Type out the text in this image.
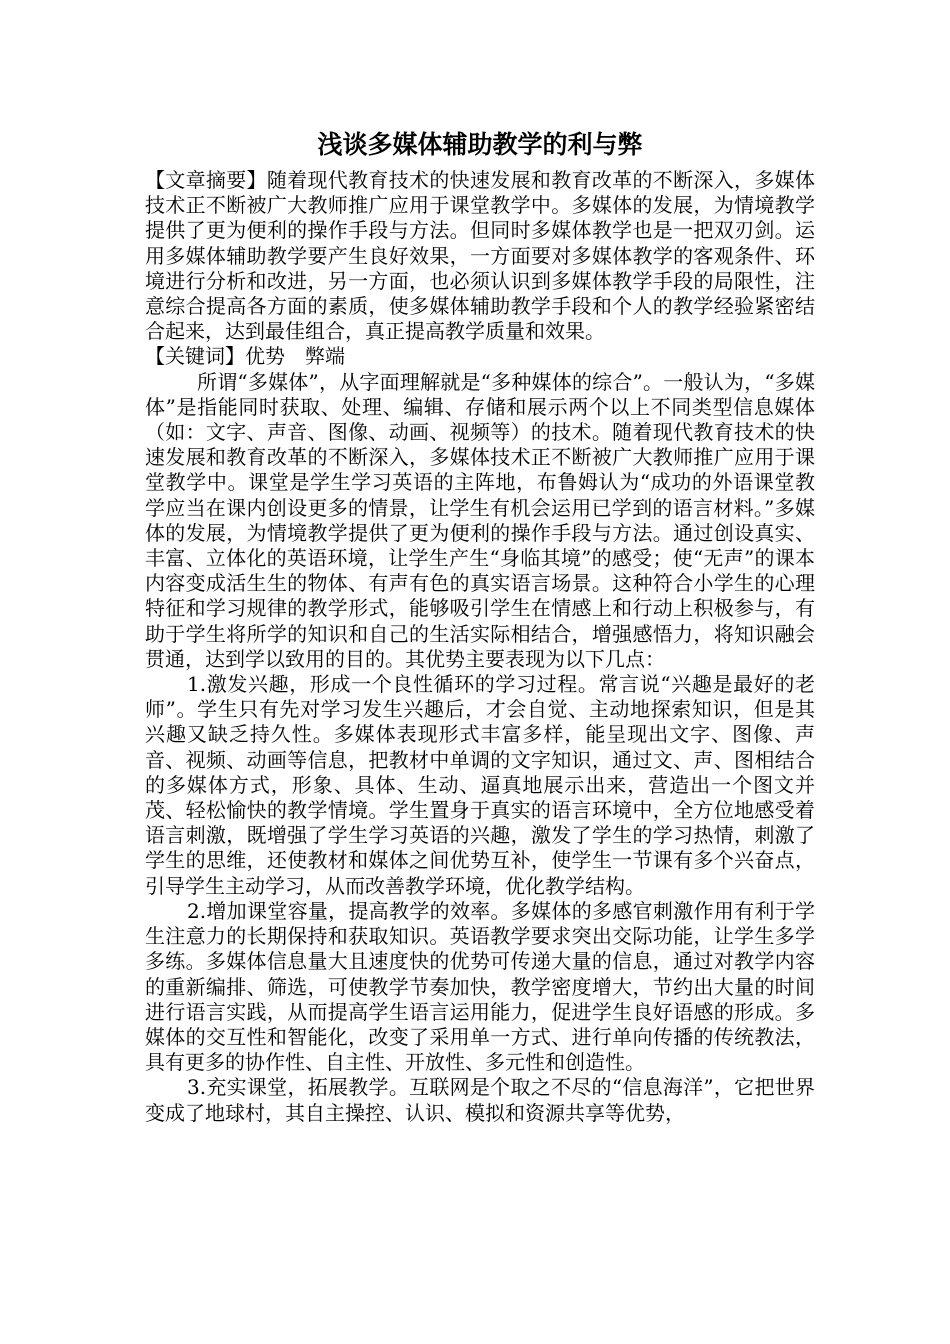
浅谈多媒体辅助教学的利与弊

【文章摘要】随着现代教育技术的快速发展和教育改革的不断深入，多媒体技术正不断被广大教师推广应用于课堂教学中。多媒体的发展，为情境教学提供了更为便利的操作手段与方法。但同时多媒体教学也是一把双刃剑。运用多媒体辅助教学要产生良好效果，一方面要对多媒体教学的客观条件、环境进行分析和改进，另一方面，也必须认识到多媒体教学手段的局限性，注意综合提高各方面的素质，使多媒体辅助教学手段和个人的教学经验紧密结合起来，达到最佳组合，真正提高教学质量和效果。

【关键词】优势　弊端

所谓“多媒体”，从字面理解就是“多种媒体的综合”。一般认为，“多媒体”是指能同时获取、处理、编辑、存储和展示两个以上不同类型信息媒体（如：文字、声音、图像、动画、视频等）的技术。随着现代教育技术的快速发展和教育改革的不断深入，多媒体技术正不断被广大教师推广应用于课堂教学中。课堂是学生学习英语的主阵地，布鲁姆认为“成功的外语课堂教学应当在课内创设更多的情景，让学生有机会运用已学到的语言材料。”多媒体的发展，为情境教学提供了更为便利的操作手段与方法。通过创设真实、丰富、立体化的英语环境，让学生产生“身临其境”的感受；使“无声”的课本内容变成活生生的物体、有声有色的真实语言场景。这种符合小学生的心理特征和学习规律的教学形式，能够吸引学生在情感上和行动上积极参与，有助于学生将所学的知识和自己的生活实际相结合，增强感悟力，将知识融会贯通，达到学以致用的目的。其优势主要表现为以下几点：

1.激发兴趣，形成一个良性循环的学习过程。常言说“兴趣是最好的老师”。学生只有先对学习发生兴趣后，才会自觉、主动地探索知识，但是其兴趣又缺乏持久性。多媒体表现形式丰富多样，能呈现出文字、图像、声音、视频、动画等信息，把教材中单调的文字知识，通过文、声、图相结合的多媒体方式，形象、具体、生动、逼真地展示出来，营造出一个图文并茂、轻松愉快的教学情境。学生置身于真实的语言环境中，全方位地感受着语言刺激，既增强了学生学习英语的兴趣，激发了学生的学习热情，刺激了学生的思维，还使教材和媒体之间优势互补，使学生一节课有多个兴奋点，引导学生主动学习，从而改善教学环境，优化教学结构。

2.增加课堂容量，提高教学的效率。多媒体的多感官刺激作用有利于学生注意力的长期保持和获取知识。英语教学要求突出交际功能，让学生多学多练。多媒体信息量大且速度快的优势可传递大量的信息，通过对教学内容的重新编排、筛选，可使教学节奏加快，教学密度增大，节约出大量的时间进行语言实践，从而提高学生语言运用能力，促进学生良好语感的形成。多媒体的交互性和智能化，改变了采用单一方式、进行单向传播的传统教法，具有更多的协作性、自主性、开放性、多元性和创造性。

3.充实课堂，拓展教学。互联网是个取之不尽的“信息海洋”，它把世界变成了地球村，其自主操控、认识、模拟和资源共享等优势，
